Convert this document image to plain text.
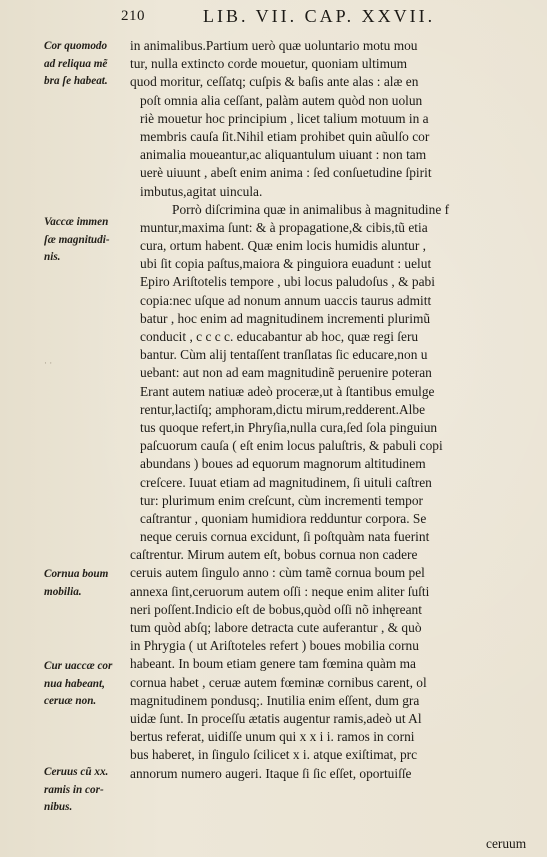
210	LIB. VII. CAP. XXVII.
Cor quomodo
ad reliqua mẽ
bra ſe habeat.
Vaccæ immen
ſæ magnitudi-
nis.
· ·
Cornua boum
mobilia.
Cur uaccæ cor
nua habeant,
ceruæ non.
Ceruus cũ xx.
ramis in cor-
nibus.
in animalibus.Partium uerò quæ uoluntario motu mou
tur, nulla extincto corde mouetur, quoniam ultimum
quod moritur, ceſſatq; cuſpis & baſis ante alas : alæ en
poſt omnia alia ceſſant, palàm autem quòd non uolun
riè mouetur hoc principium , licet talium motuum in a
membris cauſa ſit.Nihil etiam prohibet quin aũulſo cor
animalia moueantur,ac aliquantulum uiuant : non tam
uerè uiuunt , abeſt enim anima : ſed conſuetudine ſpirit
imbutus,agitat uincula.
Porrò diſcrimina quæ in animalibus à magnitudine f
muntur,maxima ſunt: & à propagatione,& cibis,tũ etia
cura, ortum habent. Quæ enim locis humidis aluntur ,
ubi ſit copia paſtus,maiora & pinguiora euadunt : uelut
Epiro Ariſtotelis tempore , ubi locus paludoſus , & pabi
copia:nec uſque ad nonum annum uaccis taurus admitt
batur , hoc enim ad magnitudinem incrementi plurimũ
conducit , c c c c. educabantur ab hoc, quæ regi ſeru
bantur. Cùm alij tentaſſent tranſlatas ſic educare,non u
uebant: aut non ad eam magnitudinẽ peruenire poteran
Erant autem natiuæ adeò proceræ,ut à ſtantibus emulge
rentur,lactiſq; amphoram,dictu mirum,redderent.Albe
tus quoque refert,in Phryſia,nulla cura,ſed ſola pinguiun
paſcuorum cauſa ( eſt enim locus paluſtris, & pabuli copi
abundans ) boues ad equorum magnorum altitudinem
creſcere. Iuuat etiam ad magnitudinem, ſi uituli caſtren
tur: plurimum enim creſcunt, cùm incrementi tempor
caſtrantur , quoniam humidiora redduntur corpora. Se
neque ceruis cornua excidunt, ſi poſtquàm nata fuerint
caſtrentur. Mirum autem eſt, bobus cornua non cadere
ceruis autem ſingulo anno : cùm tamẽ cornua boum pel
annexa ſint,ceruorum autem oſſi : neque enim aliter ſuſti
neri poſſent.Indicio eſt de bobus,quòd oſſi nõ inhęreant
tum quòd abſq; labore detracta cute auferantur , & quò
in Phrygia ( ut Ariſtoteles refert ) boues mobilia cornu
habeant. In boum etiam genere tam fœmina quàm ma
cornua habet , ceruæ autem fœminæ cornibus carent, ol
magnitudinem pondusq;. Inutilia enim eſſent, dum gra
uidæ ſunt. In proceſſu ætatis augentur ramis,adeò ut Al
bertus referat, uidiſſe unum qui x x i i. ramos in corni
bus haberet, in ſingulo ſcilicet x i. atque exiſtimat, prc
annorum numero augeri. Itaque ſi ſic eſſet, oportuiſſe
ceruum
